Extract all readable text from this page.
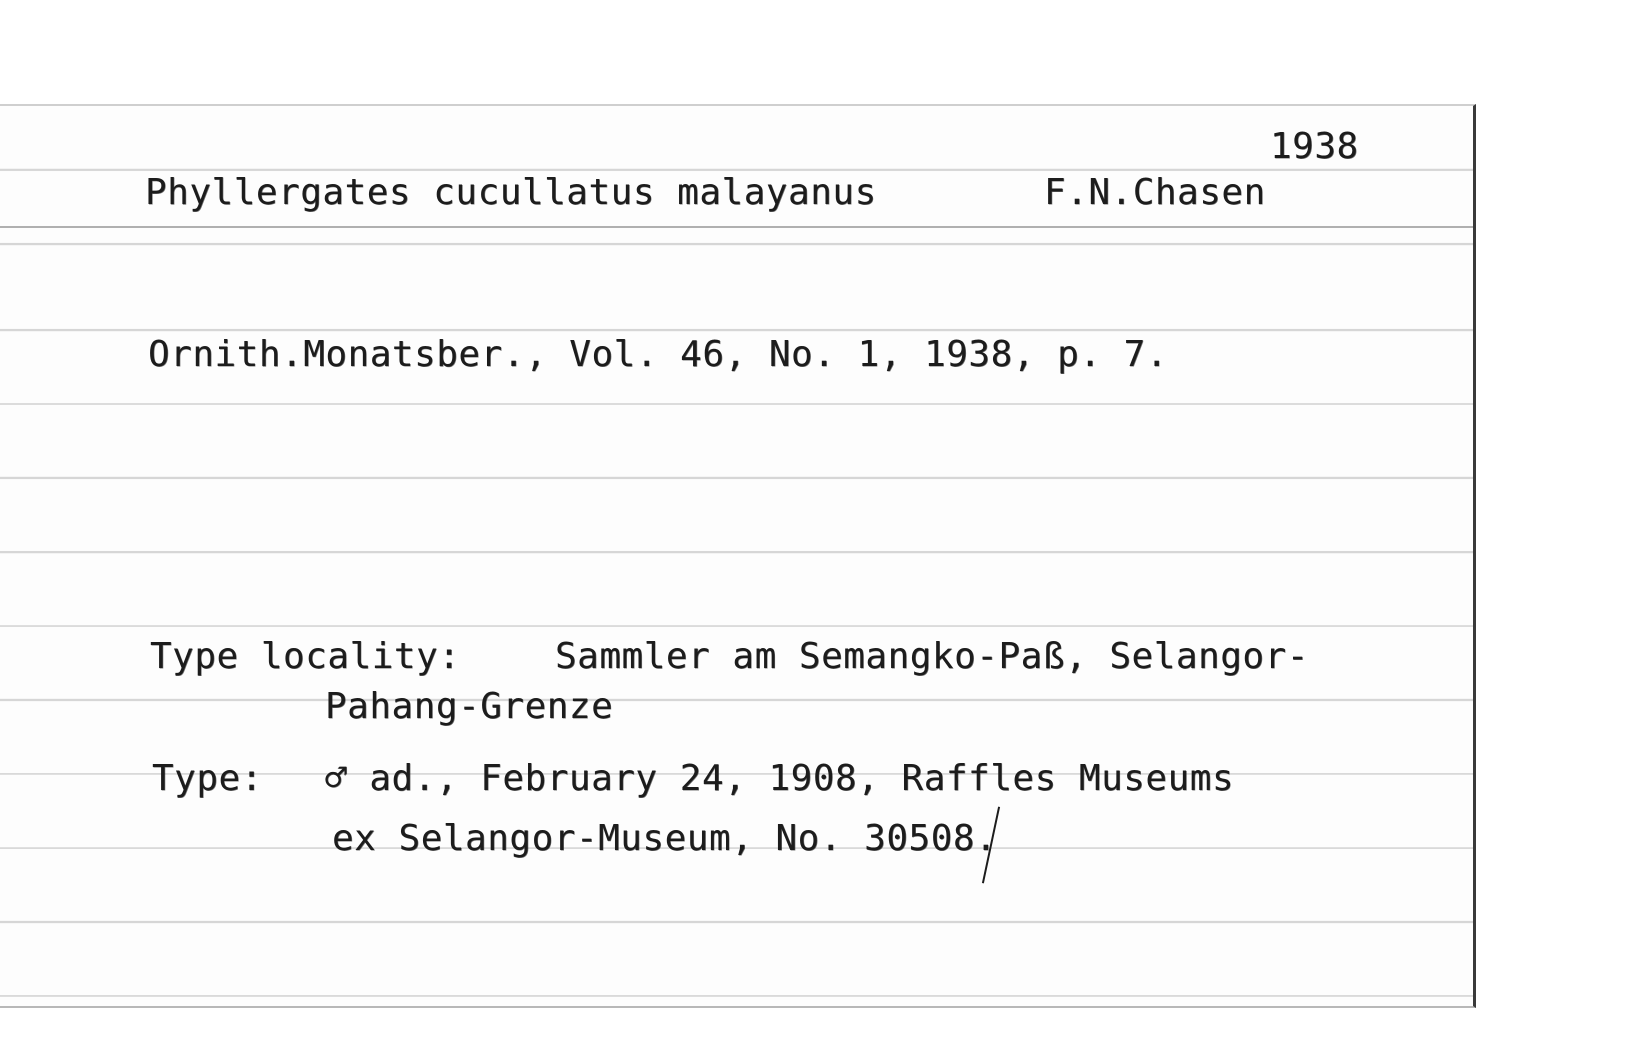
1938
Phyllergates cucullatus malayanus	F.N.Chasen
Ornith.Monatsber., Vol. 46, No. 1, 1938, p. 7.
Type locality:	Sammler am Semangko-Paß, Selangor-
Pahang-Grenze
Type: ♂ ad., February 24, 1908, Raffles Museums
ex Selangor-Museum, No. 30508.
